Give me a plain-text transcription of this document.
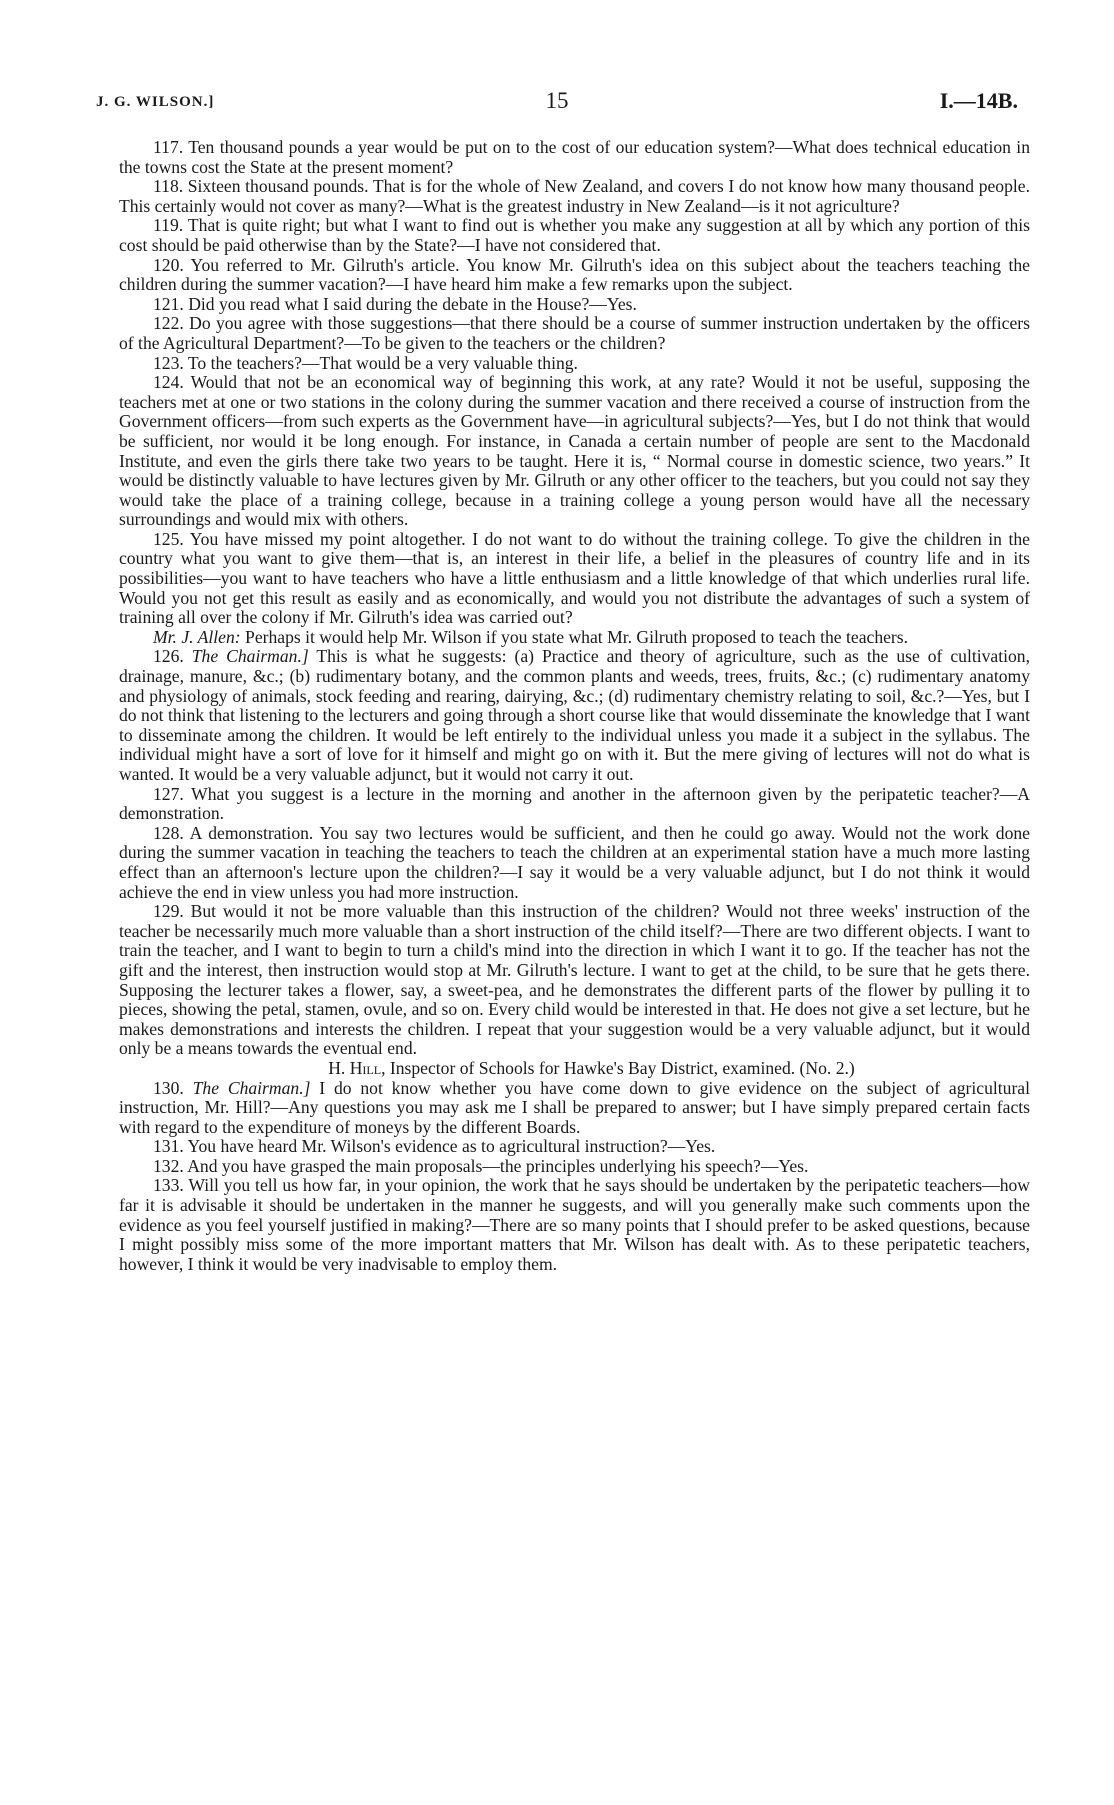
J. G. WILSON.]	15	I.—14B.

117. Ten thousand pounds a year would be put on to the cost of our education system?—What does technical education in the towns cost the State at the present moment?

118. Sixteen thousand pounds. That is for the whole of New Zealand, and covers I do not know how many thousand people. This certainly would not cover as many?—What is the greatest industry in New Zealand—is it not agriculture?

119. That is quite right; but what I want to find out is whether you make any suggestion at all by which any portion of this cost should be paid otherwise than by the State?—I have not considered that.

120. You referred to Mr. Gilruth's article. You know Mr. Gilruth's idea on this subject about the teachers teaching the children during the summer vacation?—I have heard him make a few remarks upon the subject.

121. Did you read what I said during the debate in the House?—Yes.

122. Do you agree with those suggestions—that there should be a course of summer instruction undertaken by the officers of the Agricultural Department?—To be given to the teachers or the children?

123. To the teachers?—That would be a very valuable thing.

124. Would that not be an economical way of beginning this work, at any rate? Would it not be useful, supposing the teachers met at one or two stations in the colony during the summer vacation and there received a course of instruction from the Government officers—from such experts as the Government have—in agricultural subjects?—Yes, but I do not think that would be sufficient, nor would it be long enough. For instance, in Canada a certain number of people are sent to the Macdonald Institute, and even the girls there take two years to be taught. Here it is, “ Normal course in domestic science, two years.” It would be distinctly valuable to have lectures given by Mr. Gilruth or any other officer to the teachers, but you could not say they would take the place of a training college, because in a training college a young person would have all the necessary surroundings and would mix with others.

125. You have missed my point altogether. I do not want to do without the training college. To give the children in the country what you want to give them—that is, an interest in their life, a belief in the pleasures of country life and in its possibilities—you want to have teachers who have a little enthusiasm and a little knowledge of that which underlies rural life. Would you not get this result as easily and as economically, and would you not distribute the advantages of such a system of training all over the colony if Mr. Gilruth's idea was carried out?

Mr. J. Allen: Perhaps it would help Mr. Wilson if you state what Mr. Gilruth proposed to teach the teachers.

126. The Chairman.] This is what he suggests: (a) Practice and theory of agriculture, such as the use of cultivation, drainage, manure, &c.; (b) rudimentary botany, and the common plants and weeds, trees, fruits, &c.; (c) rudimentary anatomy and physiology of animals, stock feeding and rearing, dairying, &c.; (d) rudimentary chemistry relating to soil, &c.?—Yes, but I do not think that listening to the lecturers and going through a short course like that would disseminate the knowledge that I want to disseminate among the children. It would be left entirely to the individual unless you made it a subject in the syllabus. The individual might have a sort of love for it himself and might go on with it. But the mere giving of lectures will not do what is wanted. It would be a very valuable adjunct, but it would not carry it out.

127. What you suggest is a lecture in the morning and another in the afternoon given by the peripatetic teacher?—A demonstration.

128. A demonstration. You say two lectures would be sufficient, and then he could go away. Would not the work done during the summer vacation in teaching the teachers to teach the children at an experimental station have a much more lasting effect than an afternoon's lecture upon the children?—I say it would be a very valuable adjunct, but I do not think it would achieve the end in view unless you had more instruction.

129. But would it not be more valuable than this instruction of the children? Would not three weeks' instruction of the teacher be necessarily much more valuable than a short instruction of the child itself?—There are two different objects. I want to train the teacher, and I want to begin to turn a child's mind into the direction in which I want it to go. If the teacher has not the gift and the interest, then instruction would stop at Mr. Gilruth's lecture. I want to get at the child, to be sure that he gets there. Supposing the lecturer takes a flower, say, a sweet-pea, and he demonstrates the different parts of the flower by pulling it to pieces, showing the petal, stamen, ovule, and so on. Every child would be interested in that. He does not give a set lecture, but he makes demonstrations and interests the children. I repeat that your suggestion would be a very valuable adjunct, but it would only be a means towards the eventual end.

H. Hill, Inspector of Schools for Hawke's Bay District, examined. (No. 2.)

130. The Chairman.] I do not know whether you have come down to give evidence on the subject of agricultural instruction, Mr. Hill?—Any questions you may ask me I shall be prepared to answer; but I have simply prepared certain facts with regard to the expenditure of moneys by the different Boards.

131. You have heard Mr. Wilson's evidence as to agricultural instruction?—Yes.

132. And you have grasped the main proposals—the principles underlying his speech?—Yes.

133. Will you tell us how far, in your opinion, the work that he says should be undertaken by the peripatetic teachers—how far it is advisable it should be undertaken in the manner he suggests, and will you generally make such comments upon the evidence as you feel yourself justified in making?—There are so many points that I should prefer to be asked questions, because I might possibly miss some of the more important matters that Mr. Wilson has dealt with. As to these peripatetic teachers, however, I think it would be very inadvisable to employ them.
